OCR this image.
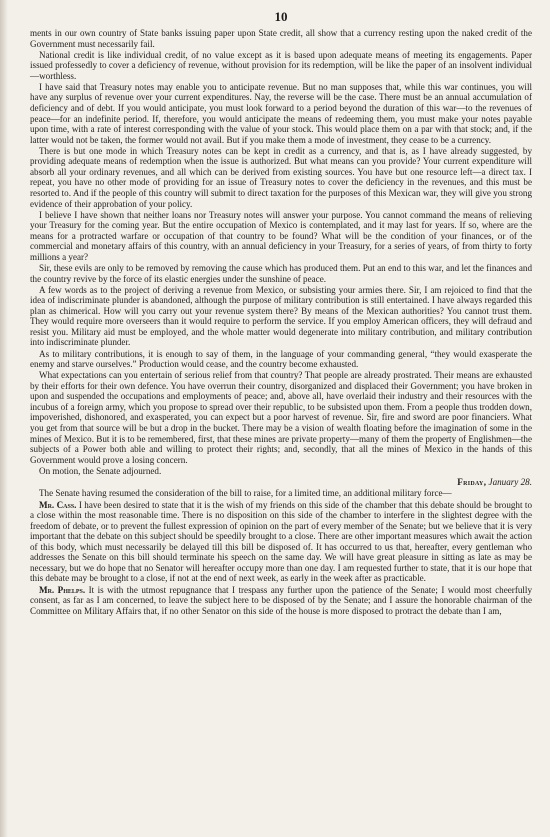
10

ments in our own country of State banks issuing paper upon State credit, all show that a currency resting upon the naked credit of the Government must necessarily fail.

National credit is like individual credit, of no value except as it is based upon adequate means of meeting its engagements. Paper issued professedly to cover a deficiency of revenue, without provision for its redemption, will be like the paper of an insolvent individual—worthless.

I have said that Treasury notes may enable you to anticipate revenue. But no man supposes that, while this war continues, you will have any surplus of revenue over your current expenditures. Nay, the reverse will be the case. There must be an annual accumulation of deficiency and of debt. If you would anticipate, you must look forward to a period beyond the duration of this war—to the revenues of peace—for an indefinite period. If, therefore, you would anticipate the means of redeeming them, you must make your notes payable upon time, with a rate of interest corresponding with the value of your stock. This would place them on a par with that stock; and, if the latter would not be taken, the former would not avail. But if you make them a mode of investment, they cease to be a currency.

There is but one mode in which Treasury notes can be kept in credit as a currency, and that is, as I have already suggested, by providing adequate means of redemption when the issue is authorized. But what means can you provide? Your current expenditure will absorb all your ordinary revenues, and all which can be derived from existing sources. You have but one resource left—a direct tax. I repeat, you have no other mode of providing for an issue of Treasury notes to cover the deficiency in the revenues, and this must be resorted to. And if the people of this country will submit to direct taxation for the purposes of this Mexican war, they will give you strong evidence of their approbation of your policy.

I believe I have shown that neither loans nor Treasury notes will answer your purpose. You cannot command the means of relieving your Treasury for the coming year. But the entire occupation of Mexico is contemplated, and it may last for years. If so, where are the means for a protracted warfare or occupation of that country to be found? What will be the condition of your finances, or of the commercial and monetary affairs of this country, with an annual deficiency in your Treasury, for a series of years, of from thirty to forty millions a year?

Sir, these evils are only to be removed by removing the cause which has produced them. Put an end to this war, and let the finances and the country revive by the force of its elastic energies under the sunshine of peace.

A few words as to the project of deriving a revenue from Mexico, or subsisting your armies there. Sir, I am rejoiced to find that the idea of indiscriminate plunder is abandoned, although the purpose of military contribution is still entertained. I have always regarded this plan as chimerical. How will you carry out your revenue system there? By means of the Mexican authorities? You cannot trust them. They would require more overseers than it would require to perform the service. If you employ American officers, they will defraud and resist you. Military aid must be employed, and the whole matter would degenerate into military contribution, and military contribution into indiscriminate plunder.

As to military contributions, it is enough to say of them, in the language of your commanding general, “they would exasperate the enemy and starve ourselves.” Production would cease, and the country become exhausted.

What expectations can you entertain of serious relief from that country? That people are already prostrated. Their means are exhausted by their efforts for their own defence. You have overrun their country, disorganized and displaced their Government; you have broken in upon and suspended the occupations and employments of peace; and, above all, have overlaid their industry and their resources with the incubus of a foreign army, which you propose to spread over their republic, to be subsisted upon them. From a people thus trodden down, impoverished, dishonored, and exasperated, you can expect but a poor harvest of revenue. Sir, fire and sword are poor financiers. What you get from that source will be but a drop in the bucket. There may be a vision of wealth floating before the imagination of some in the mines of Mexico. But it is to be remembered, first, that these mines are private property—many of them the property of Englishmen—the subjects of a Power both able and willing to protect their rights; and, secondly, that all the mines of Mexico in the hands of this Government would prove a losing concern.

On motion, the Senate adjourned.

Friday, January 28.

The Senate having resumed the consideration of the bill to raise, for a limited time, an additional military force—

Mr. Cass. I have been desired to state that it is the wish of my friends on this side of the chamber that this debate should be brought to a close within the most reasonable time. There is no disposition on this side of the chamber to interfere in the slightest degree with the freedom of debate, or to prevent the fullest expression of opinion on the part of every member of the Senate; but we believe that it is very important that the debate on this subject should be speedily brought to a close. There are other important measures which await the action of this body, which must necessarily be delayed till this bill be disposed of. It has occurred to us that, hereafter, every gentleman who addresses the Senate on this bill should terminate his speech on the same day. We will have great pleasure in sitting as late as may be necessary, but we do hope that no Senator will hereafter occupy more than one day. I am requested further to state, that it is our hope that this debate may be brought to a close, if not at the end of next week, as early in the week after as practicable.

Mr. Phelps. It is with the utmost repugnance that I trespass any further upon the patience of the Senate; I would most cheerfully consent, as far as I am concerned, to leave the subject here to be disposed of by the Senate; and I assure the honorable chairman of the Committee on Military Affairs that, if no other Senator on this side of the house is more disposed to protract the debate than I am,
